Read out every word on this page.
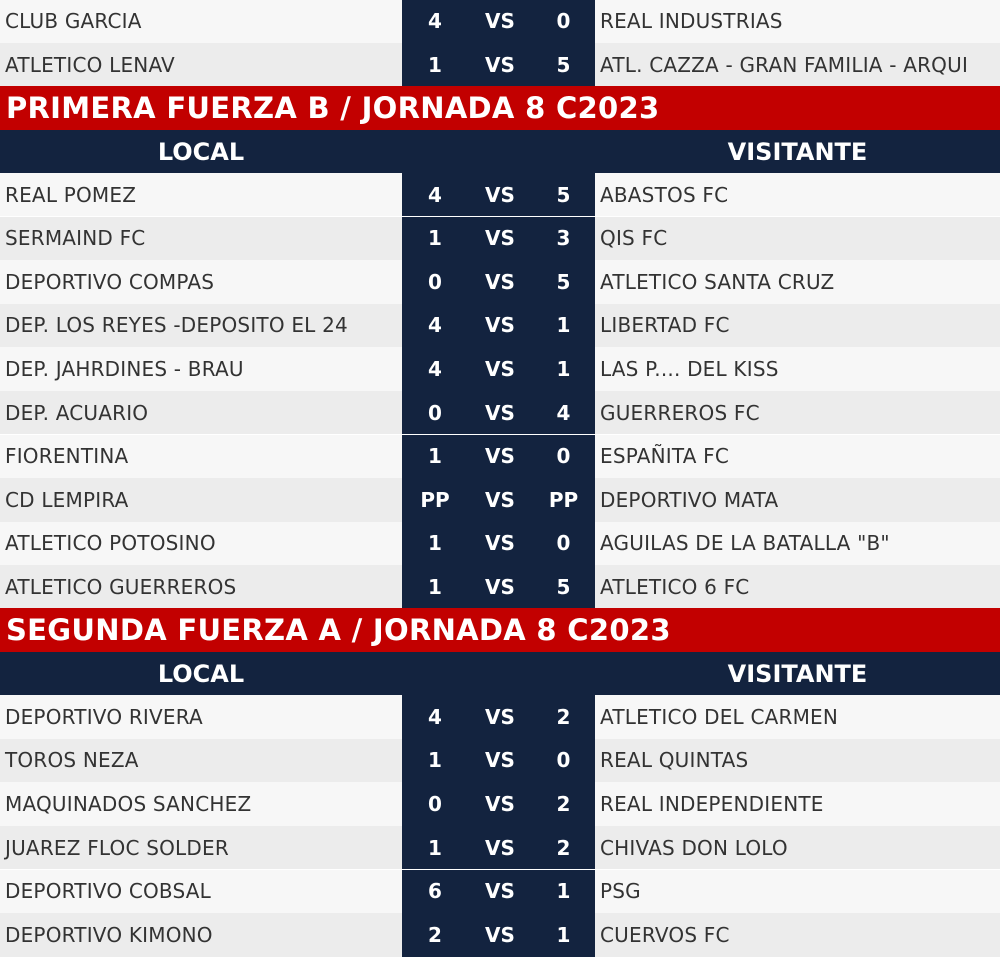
CLUB GARCIA	4	VS	0	REAL INDUSTRIAS
ATLETICO LENAV	1	VS	5	ATL. CAZZA - GRAN FAMILIA - ARQUI
PRIMERA FUERZA B / JORNADA 8 C2023
LOCAL	VISITANTE
REAL POMEZ	4	VS	5	ABASTOS FC
SERMAIND FC	1	VS	3	QIS FC
DEPORTIVO COMPAS	0	VS	5	ATLETICO SANTA CRUZ
DEP. LOS REYES -DEPOSITO EL 24	4	VS	1	LIBERTAD FC
DEP. JAHRDINES - BRAU	4	VS	1	LAS P.... DEL KISS
DEP. ACUARIO	0	VS	4	GUERREROS FC
FIORENTINA	1	VS	0	ESPAÑITA FC
CD LEMPIRA	PP	VS	PP	DEPORTIVO MATA
ATLETICO POTOSINO	1	VS	0	AGUILAS DE LA BATALLA "B"
ATLETICO GUERREROS	1	VS	5	ATLETICO 6 FC
SEGUNDA FUERZA A / JORNADA 8 C2023
LOCAL	VISITANTE
DEPORTIVO RIVERA	4	VS	2	ATLETICO DEL CARMEN
TOROS NEZA	1	VS	0	REAL QUINTAS
MAQUINADOS SANCHEZ	0	VS	2	REAL INDEPENDIENTE
JUAREZ FLOC SOLDER	1	VS	2	CHIVAS DON LOLO
DEPORTIVO COBSAL	6	VS	1	PSG
DEPORTIVO KIMONO	2	VS	1	CUERVOS FC
